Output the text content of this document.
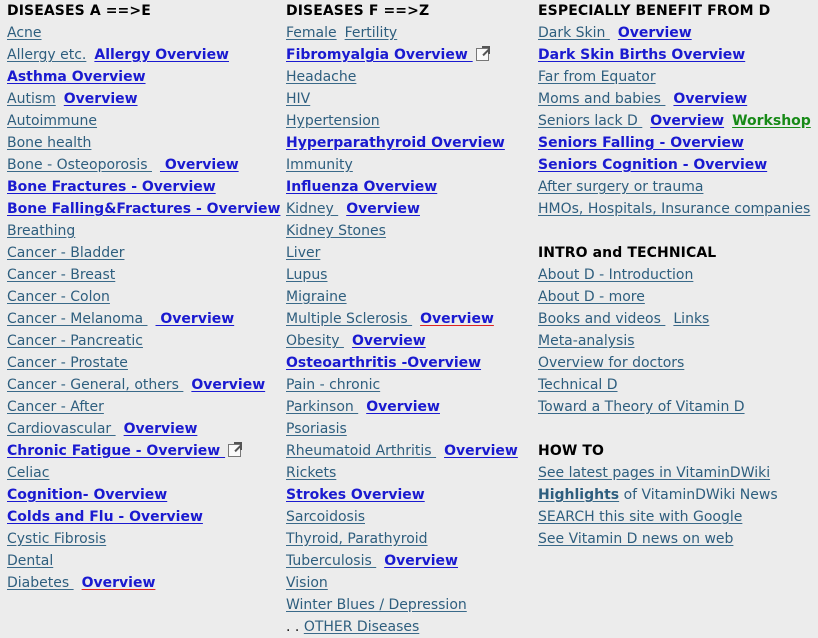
DISEASES A ==>E
Acne
Allergy etc. Allergy Overview
Asthma Overview
Autism Overview
Autoimmune
Bone health
Bone - Osteoporosis  Overview
Bone Fractures - Overview
Bone Falling&Fractures - Overview
Breathing
Cancer - Bladder
Cancer - Breast
Cancer - Colon
Cancer - Melanoma  Overview
Cancer - Pancreatic
Cancer - Prostate
Cancer - General, others Overview
Cancer - After
Cardiovascular Overview
Chronic Fatigue - Overview
Celiac
Cognition- Overview
Colds and Flu - Overview
Cystic Fibrosis
Dental
Diabetes Overview
DISEASES F ==>Z
Female Fertility
Fibromyalgia Overview
Headache
HIV
Hypertension
Hyperparathyroid Overview
Immunity
Influenza Overview
Kidney Overview
Kidney Stones
Liver
Lupus
Migraine
Multiple Sclerosis Overview
Obesity Overview
Osteoarthritis -Overview
Pain - chronic
Parkinson Overview
Psoriasis
Rheumatoid Arthritis Overview
Rickets
Strokes Overview
Sarcoidosis
Thyroid, Parathyroid
Tuberculosis Overview
Vision
Winter Blues / Depression
. . OTHER Diseases
ESPECIALLY BENEFIT FROM D
Dark Skin Overview
Dark Skin Births Overview
Far from Equator
Moms and babies Overview
Seniors lack D Overview Workshop
Seniors Falling - Overview
Seniors Cognition - Overview
After surgery or trauma
HMOs, Hospitals, Insurance companies
INTRO and TECHNICAL
About D - Introduction
About D - more
Books and videos Links
Meta-analysis
Overview for doctors
Technical D
Toward a Theory of Vitamin D
HOW TO
See latest pages in VitaminDWiki
Highlights of VitaminDWiki News
SEARCH this site with Google
See Vitamin D news on web
